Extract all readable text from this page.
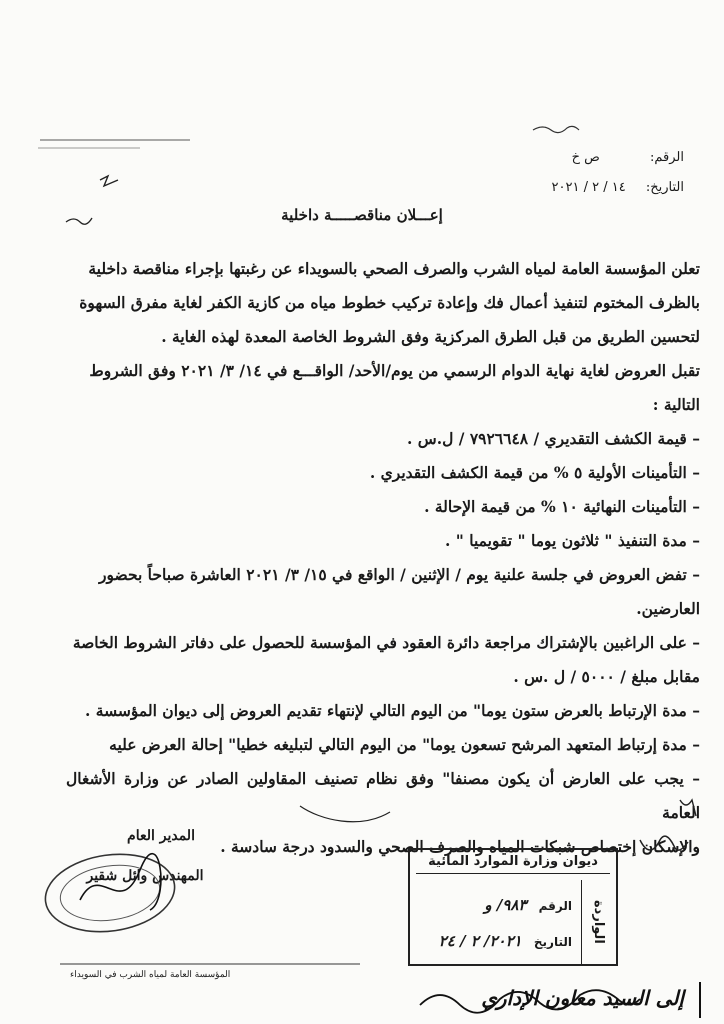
الرقم: ص خ
التاريخ: ١٤ / ٢ / ٢٠٢١
إعـــلان مناقصـــــة داخلية

تعلن المؤسسة العامة لمياه الشرب والصرف الصحي بالسويداء عن رغبتها بإجراء مناقصة داخلية
بالظرف المختوم لتنفيذ أعمال فك وإعادة تركيب خطوط مياه من كازية الكفر لغاية مفرق السهوة
لتحسين الطريق من قبل الطرق المركزية وفق الشروط الخاصة المعدة لهذه الغاية .

تقبل العروض لغاية نهاية الدوام الرسمي من يوم/الأحد/ الواقـــع في ١٤/ ٣/ ٢٠٢١ وفق الشروط
التالية :

– قيمة الكشف التقديري / ٧٩٢٦٦٤٨ / ل.س .
– التأمينات الأولية ٥ % من قيمة الكشف التقديري .
– التأمينات النهائية ١٠ % من قيمة الإحالة .
– مدة التنفيذ " ثلاثون يوما " تقويميا " .

– تفض العروض في جلسة علنية يوم / الإثنين / الواقع في ١٥/ ٣/ ٢٠٢١ العاشرة صباحاً بحضور
العارضين.

– على الراغبين بالإشتراك مراجعة دائرة العقود في المؤسسة للحصول على دفاتر الشروط الخاصة
مقابل مبلغ / ٥٠٠٠ / ل .س .

– مدة الإرتباط بالعرض ستون يوما" من اليوم التالي لإنتهاء تقديم العروض إلى ديوان المؤسسة .
– مدة إرتباط المتعهد المرشح تسعون يوما" من اليوم التالي لتبليغه خطيا" إحالة العرض عليه
– يجب على العارض أن يكون مصنفا" وفق نظام تصنيف المقاولين الصادر عن وزارة الأشغال العامة
والإسكان إختصاص شبكات المياه والصرف الصحي والسدود درجة سادسة .

المدير العام
المهندس وائل شقير
ديوان وزارة الموارد المائية
الواردة
الرقم ٩٨٣/ و
التاريخ ٢٠٢١/ ٢ / ٢٤
المؤسسة العامة لمياه الشرب في السويداء
إلى السيد معاون الإداري
